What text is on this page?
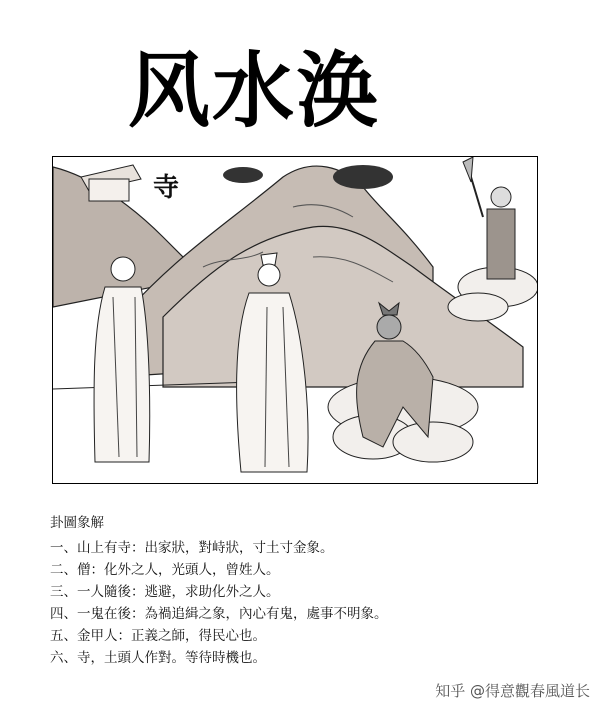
风水涣
寺
卦圖象解
一、山上有寺：出家狀，對峙狀，寸土寸金象。
二、僧：化外之人，光頭人，曾姓人。
三、一人隨後：逃避，求助化外之人。
四、一鬼在後：為禍追緝之象，內心有鬼，處事不明象。
五、金甲人：正義之師，得民心也。
六、寺，土頭人作對。等待時機也。
知乎 @得意觀春風道长
